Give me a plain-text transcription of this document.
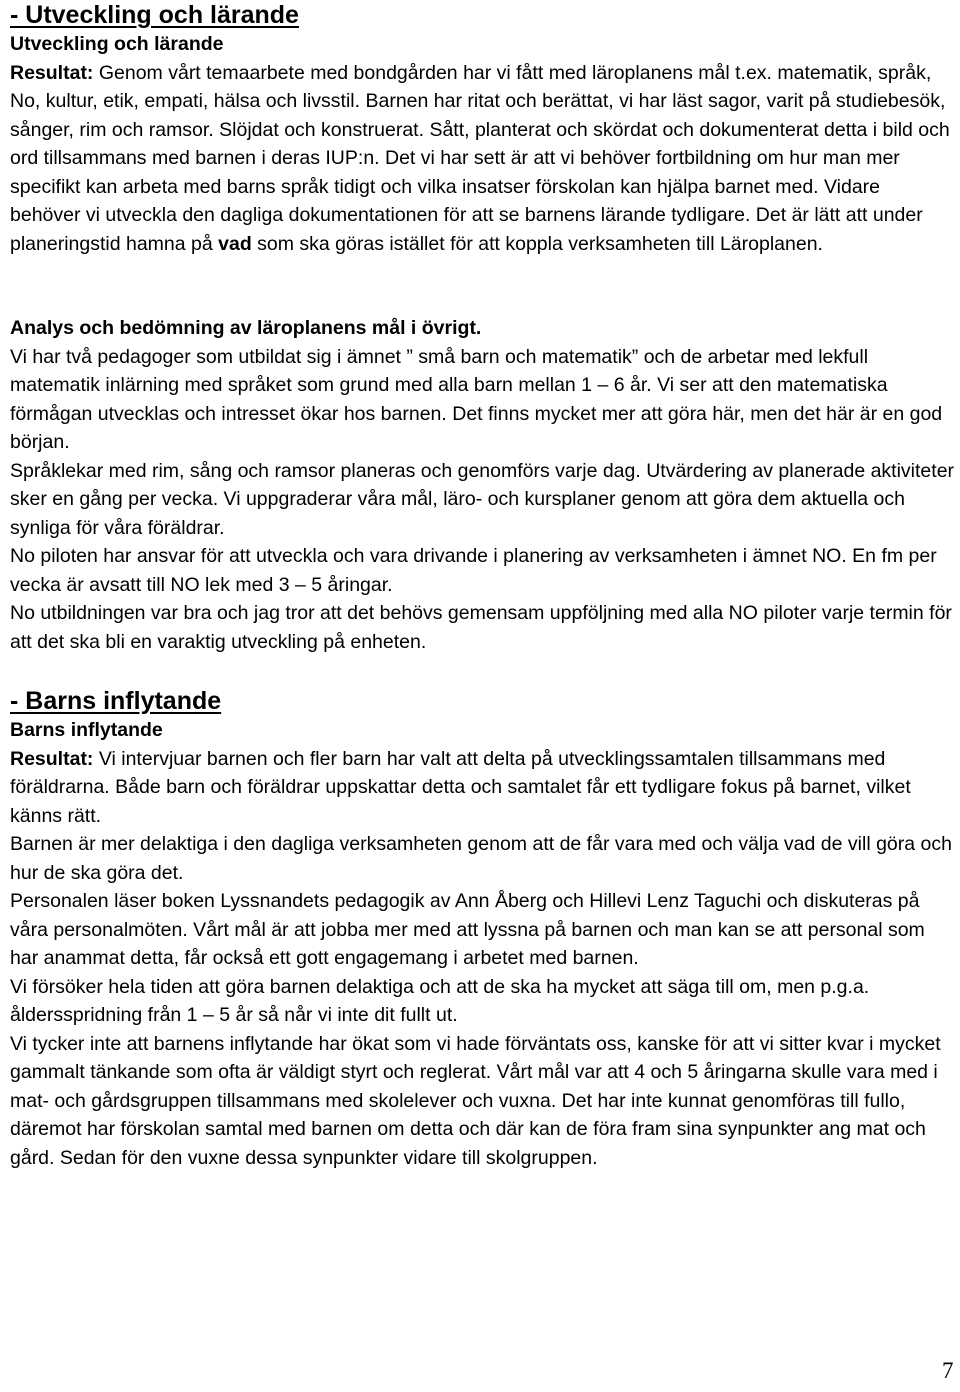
- Utveckling och lärande
Utveckling och lärande

Resultat: Genom vårt temaarbete med bondgården har vi fått med läroplanens mål t.ex. matematik, språk, No, kultur, etik, empati, hälsa och livsstil. Barnen har ritat och berättat, vi har läst sagor, varit på studiebesök, sånger, rim och ramsor. Slöjdat och konstruerat. Sått, planterat och skördat och dokumenterat detta i bild och ord tillsammans med barnen i deras IUP:n. Det vi har sett är att vi behöver fortbildning om hur man mer specifikt kan arbeta med barns språk tidigt och vilka insatser förskolan kan hjälpa barnet med. Vidare behöver vi utveckla den dagliga dokumentationen för att se barnens lärande tydligare. Det är lätt att under planeringstid hamna på vad som ska göras istället för att koppla verksamheten till Läroplanen.

Analys och bedömning av läroplanens mål i övrigt.

Vi har två pedagoger som utbildat sig i ämnet ” små barn och matematik” och de arbetar med lekfull matematik inlärning med språket som grund med alla barn mellan 1 – 6 år. Vi ser att den matematiska förmågan utvecklas och intresset ökar hos barnen. Det finns mycket mer att göra här, men det här är en god början.

Språklekar med rim, sång och ramsor planeras och genomförs varje dag. Utvärdering av planerade aktiviteter sker en gång per vecka. Vi uppgraderar våra mål, läro- och kursplaner genom att göra dem aktuella och synliga för våra föräldrar.

No piloten har ansvar för att utveckla och vara drivande i planering av verksamheten i ämnet NO. En fm per vecka är avsatt till NO lek med 3 – 5 åringar.

No utbildningen var bra och jag tror att det behövs gemensam uppföljning med alla NO piloter varje termin för att det ska bli en varaktig utveckling på enheten.

- Barns inflytande
Barns inflytande

Resultat: Vi intervjuar barnen och fler barn har valt att delta på utvecklingssamtalen tillsammans med föräldrarna. Både barn och föräldrar uppskattar detta och samtalet får ett tydligare fokus på barnet, vilket känns rätt.

Barnen är mer delaktiga i den dagliga verksamheten genom att de får vara med och välja vad de vill göra och hur de ska göra det.

Personalen läser boken Lyssnandets pedagogik av Ann Åberg och Hillevi Lenz Taguchi och diskuteras på våra personalmöten. Vårt mål är att jobba mer med att lyssna på barnen och man kan se att personal som har anammat detta, får också ett gott engagemang i arbetet med barnen.

Vi försöker hela tiden att göra barnen delaktiga och att de ska ha mycket att säga till om, men p.g.a. åldersspridning från 1 – 5 år så når vi inte dit fullt ut.

Vi tycker inte att barnens inflytande har ökat som vi hade förväntats oss, kanske för att vi sitter kvar i mycket gammalt tänkande som ofta är väldigt styrt och reglerat. Vårt mål var att 4 och 5 åringarna skulle vara med i mat- och gårdsgruppen tillsammans med skolelever och vuxna. Det har inte kunnat genomföras till fullo, däremot har förskolan samtal med barnen om detta och där kan de föra fram sina synpunkter ang mat och gård. Sedan för den vuxne dessa synpunkter vidare till skolgruppen.

7
